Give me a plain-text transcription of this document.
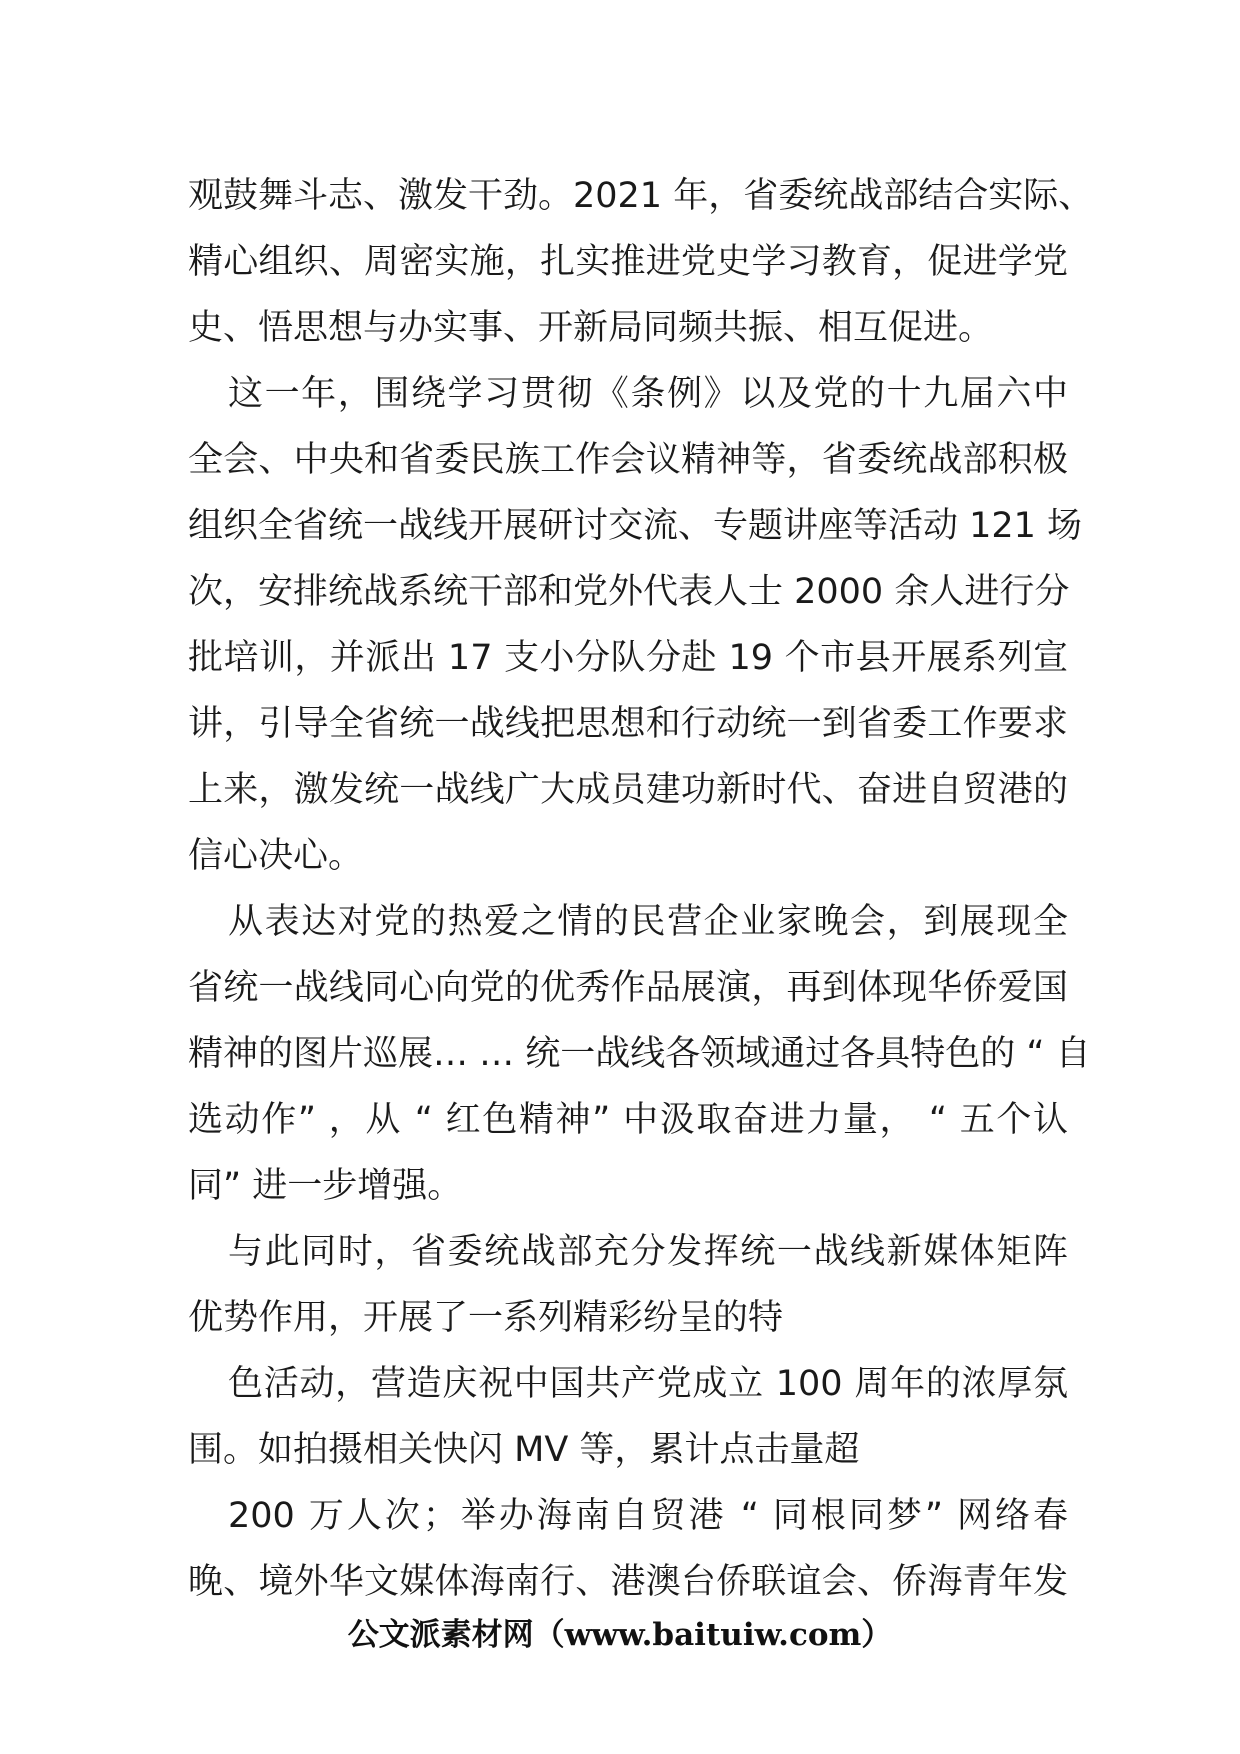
观鼓舞斗志、激发干劲。2021 年，省委统战部结合实际、
精心组织、周密实施，扎实推进党史学习教育，促进学党
史、悟思想与办实事、开新局同频共振、相互促进。
这一年，围绕学习贯彻《条例》以及党的十九届六中
全会、中央和省委民族工作会议精神等，省委统战部积极
组织全省统一战线开展研讨交流、专题讲座等活动 121 场
次，安排统战系统干部和党外代表人士 2000 余人进行分
批培训，并派出 17 支小分队分赴 19 个市县开展系列宣
讲，引导全省统一战线把思想和行动统一到省委工作要求
上来，激发统一战线广大成员建功新时代、奋进自贸港的
信心决心。
从表达对党的热爱之情的民营企业家晚会，到展现全
省统一战线同心向党的优秀作品展演，再到体现华侨爱国
精神的图片巡展… … 统一战线各领域通过各具特色的 “ 自
选动作” ，从 “ 红色精神” 中汲取奋进力量， “ 五个认
同” 进一步增强。
与此同时，省委统战部充分发挥统一战线新媒体矩阵
优势作用，开展了一系列精彩纷呈的特
色活动，营造庆祝中国共产党成立 100 周年的浓厚氛
围。如拍摄相关快闪 MV 等，累计点击量超
200 万人次；举办海南自贸港 “ 同根同梦” 网络春
晚、境外华文媒体海南行、港澳台侨联谊会、侨海青年发
公文派素材网（www.baituiw.com）
